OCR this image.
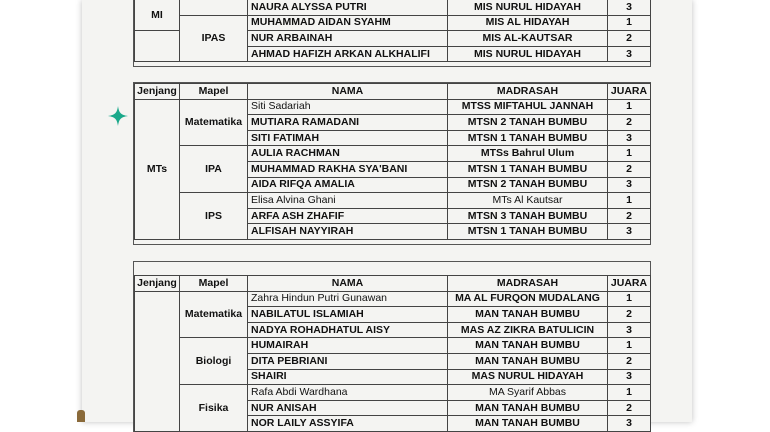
MI		NAURA ALYSSA PUTRI	MIS NURUL HIDAYAH	3
	IPAS	MUHAMMAD AIDAN SYAHM	MIS AL HIDAYAH	1
		NUR ARBAINAH	MIS AL-KAUTSAR	2
		AHMAD HAFIZH ARKAN ALKHALIFI	MIS NURUL HIDAYAH	3

Jenjang	Mapel	NAMA	MADRASAH	JUARA
MTs	Matematika	Siti Sadariah	MTSS MIFTAHUL JANNAH	1
		MUTIARA RAMADANI	MTSN 2 TANAH BUMBU	2
		SITI FATIMAH	MTSN 1 TANAH BUMBU	3
	IPA	AULIA RACHMAN	MTSs Bahrul Ulum	1
		MUHAMMAD RAKHA SYA'BANI	MTSN 1 TANAH BUMBU	2
		AIDA RIFQA AMALIA	MTSN 2 TANAH BUMBU	3
	IPS	Elisa Alvina Ghani	MTs Al Kautsar	1
		ARFA ASH ZHAFIF	MTSN 3 TANAH BUMBU	2
		ALFISAH NAYYIRAH	MTSN 1 TANAH BUMBU	3

Jenjang	Mapel	NAMA	MADRASAH	JUARA
	Matematika	Zahra Hindun Putri Gunawan	MA AL FURQON MUDALANG	1
		NABILATUL ISLAMIAH	MAN TANAH BUMBU	2
		NADYA ROHADHATUL AISY	MAS AZ ZIKRA BATULICIN	3
	Biologi	HUMAIRAH	MAN TANAH BUMBU	1
		DITA PEBRIANI	MAN TANAH BUMBU	2
		SHAIRI	MAS NURUL HIDAYAH	3
	Fisika	Rafa Abdi Wardhana	MA Syarif Abbas	1
		NUR ANISAH	MAN TANAH BUMBU	2
		NOR LAILY ASSYIFA	MAN TANAH BUMBU	3
